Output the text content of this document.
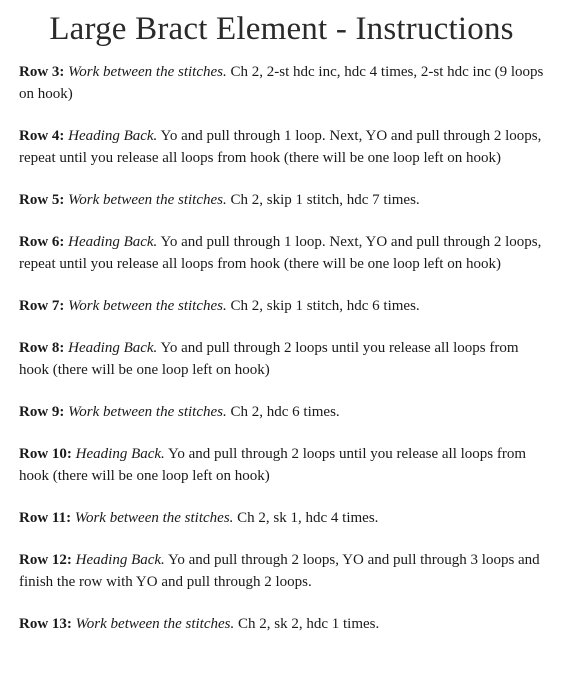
Large Bract Element - Instructions

Row 3: Work between the stitches. Ch 2, 2-st hdc inc, hdc 4 times, 2-st hdc inc (9 loops on hook)

Row 4: Heading Back. Yo and pull through 1 loop. Next, YO and pull through 2 loops, repeat until you release all loops from hook (there will be one loop left on hook)

Row 5: Work between the stitches. Ch 2, skip 1 stitch, hdc 7 times.

Row 6: Heading Back. Yo and pull through 1 loop. Next, YO and pull through 2 loops, repeat until you release all loops from hook (there will be one loop left on hook)

Row 7: Work between the stitches. Ch 2, skip 1 stitch, hdc 6 times.

Row 8: Heading Back. Yo and pull through 2 loops until you release all loops from hook (there will be one loop left on hook)

Row 9: Work between the stitches. Ch 2, hdc 6 times.

Row 10: Heading Back. Yo and pull through 2 loops until you release all loops from hook (there will be one loop left on hook)

Row 11: Work between the stitches. Ch 2, sk 1, hdc 4 times.

Row 12: Heading Back. Yo and pull through 2 loops, YO and pull through 3 loops and finish the row with YO and pull through 2 loops.

Row 13: Work between the stitches. Ch 2, sk 2, hdc 1 times.
